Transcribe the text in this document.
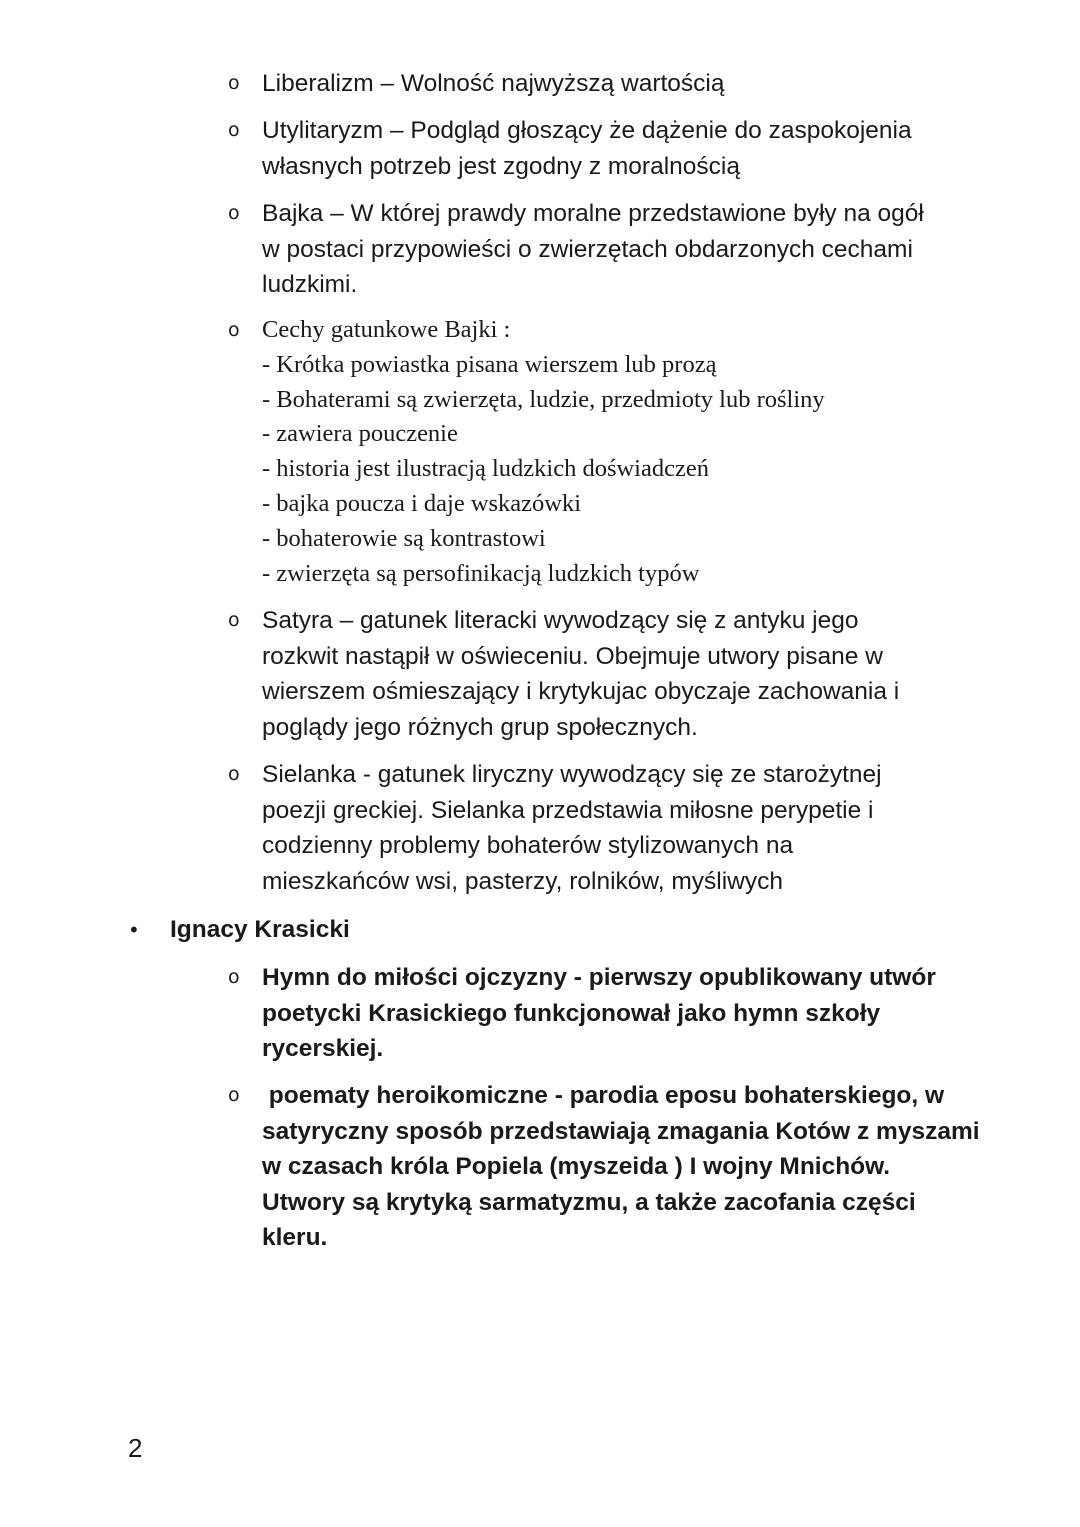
o Liberalizm – Wolność najwyższą wartością
o Utylitaryzm – Podgląd głoszący że dążenie do zaspokojenia
własnych potrzeb jest zgodny z moralnością
o Bajka – W której prawdy moralne przedstawione były na ogół
w postaci przypowieści o zwierzętach obdarzonych cechami
ludzkimi.
o Cechy gatunkowe Bajki :
- Krótka powiastka pisana wierszem lub prozą
- Bohaterami są zwierzęta, ludzie, przedmioty lub rośliny
- zawiera pouczenie
- historia jest ilustracją ludzkich doświadczeń
- bajka poucza i daje wskazówki
- bohaterowie są kontrastowi
- zwierzęta są persofinikacją ludzkich typów
o Satyra – gatunek literacki wywodzący się z antyku jego
rozkwit nastąpił w oświeceniu. Obejmuje utwory pisane w
wierszem ośmieszający i krytykujac obyczaje zachowania i
poglądy jego różnych grup społecznych.
o Sielanka - gatunek liryczny wywodzący się ze starożytnej
poezji greckiej. Sielanka przedstawia miłosne perypetie i
codzienny problemy bohaterów stylizowanych na
mieszkańców wsi, pasterzy, rolników, myśliwych
• Ignacy Krasicki
o Hymn do miłości ojczyzny - pierwszy opublikowany utwór
poetycki Krasickiego funkcjonował jako hymn szkoły
rycerskiej.
o poematy heroikomiczne - parodia eposu bohaterskiego, w
satyryczny sposób przedstawiają zmagania Kotów z myszami
w czasach króla Popiela (myszeida ) I wojny Mnichów.
Utwory są krytyką sarmatyzmu, a także zacofania części
kleru.
2
